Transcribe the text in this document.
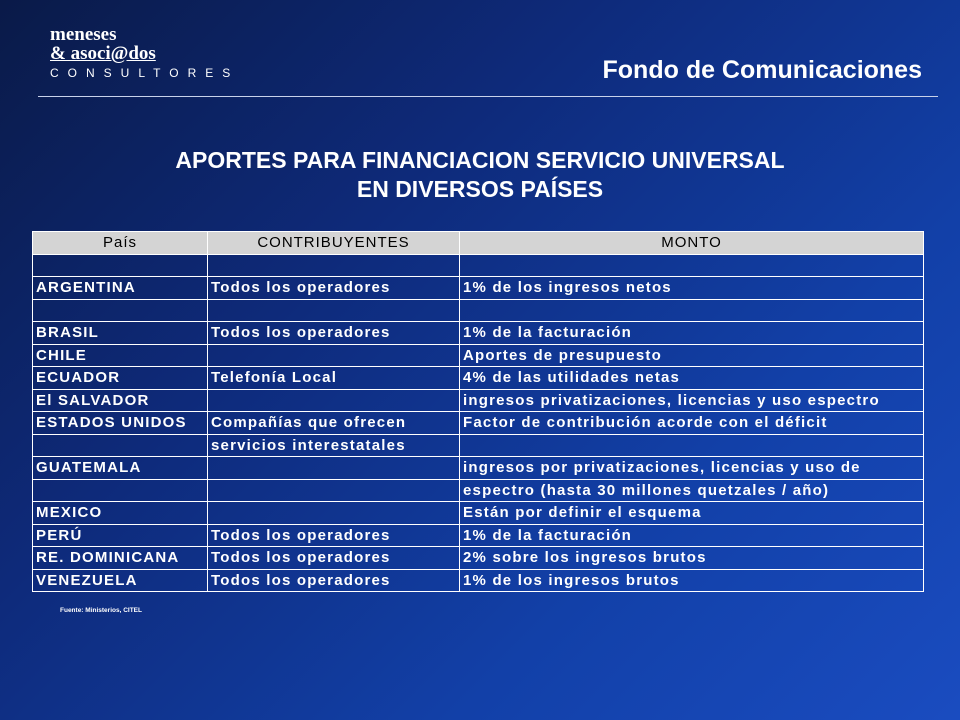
meneses
& asoci@dos
CONSULTORES	Fondo de Comunicaciones
APORTES PARA FINANCIACION SERVICIO UNIVERSAL
EN DIVERSOS PAÍSES
País	CONTRIBUYENTES	MONTO

ARGENTINA	Todos los operadores	1% de los ingresos netos

BRASIL	Todos los operadores	1% de la facturación
CHILE		Aportes de presupuesto
ECUADOR	Telefonía Local	4% de las utilidades netas
El SALVADOR		ingresos privatizaciones, licencias y uso espectro
ESTADOS UNIDOS	Compañías que ofrecen	Factor de contribución acorde con el déficit
	servicios interestatales	
GUATEMALA		ingresos por privatizaciones, licencias y uso de
		espectro (hasta 30 millones quetzales / año)
MEXICO		Están por definir el esquema
PERÚ	Todos los operadores	1% de la facturación
RE. DOMINICANA	Todos los operadores	2% sobre los ingresos brutos
VENEZUELA	Todos los operadores	1% de los ingresos brutos
Fuente: Ministerios, CITEL
